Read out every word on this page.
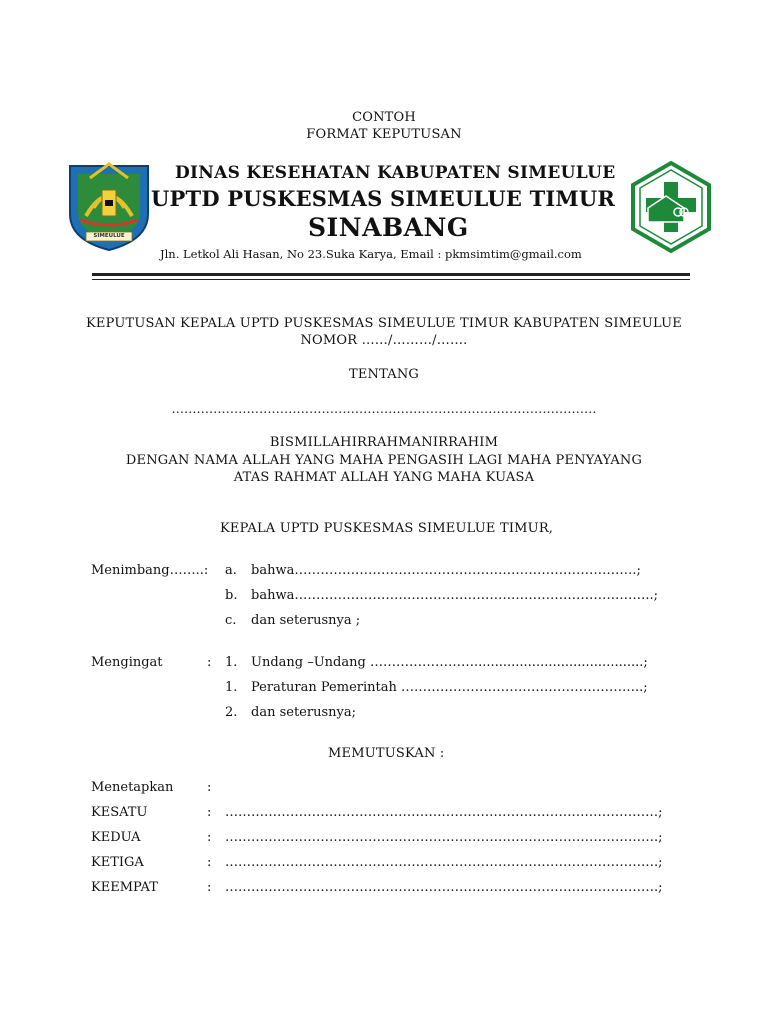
CONTOH
FORMAT KEPUTUSAN
SIMEULUE
DINAS KESEHATAN KABUPATEN SIMEULUE
UPTD PUSKESMAS SIMEULUE TIMUR
SINABANG
Jln. Letkol Ali Hasan, No 23.Suka Karya, Email : pkmsimtim@gmail.com
KEPUTUSAN KEPALA UPTD PUSKESMAS SIMEULUE TIMUR KABUPATEN SIMEULUE
NOMOR ……/………/…….
TENTANG
…………………………………………………………………………………………
BISMILLAHIRRAHMANIRRAHIM
DENGAN NAMA ALLAH YANG MAHA PENGASIH LAGI MAHA PENYAYANG
ATAS RAHMAT ALLAH YANG MAHA KUASA
KEPALA UPTD PUSKESMAS SIMEULUE TIMUR,
Menimbang……..: a. bahwa…………………………………………………………………….;
b. bahwa………………………………………………………………………..;
c. dan seterusnya ;
Mengingat	: 1. Undang –Undang …………………….........................................;
1. Peraturan Pemerintah ………………………………………………..;
2. dan seterusnya;
MEMUTUSKAN :
Menetapkan	:
KESATU	: …………………….…………………………………………………………………;
KEDUA	: ……………………………………………………………………………………….;
KETIGA	: ……………………………………………………………………………………….;
KEEMPAT	: ……………………………………………………………………………………….;
